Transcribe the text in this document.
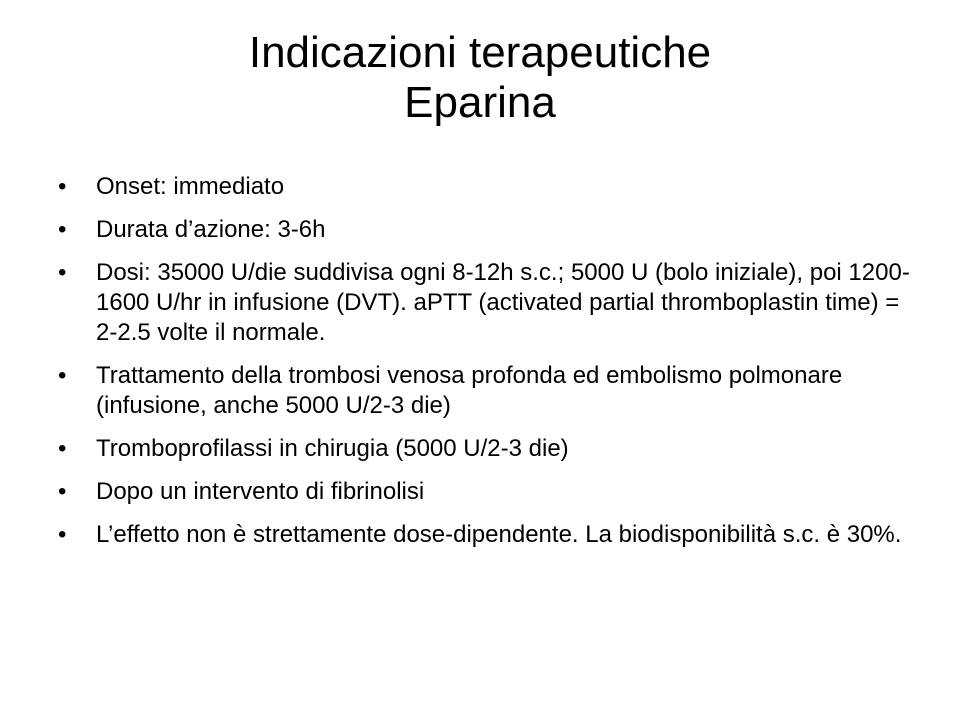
Indicazioni terapeutiche
Eparina
•	Onset: immediato
•	Durata d’azione: 3-6h
•	Dosi: 35000 U/die suddivisa ogni 8-12h s.c.; 5000 U (bolo iniziale), poi 1200-1600 U/hr in infusione (DVT). aPTT (activated partial thromboplastin time) = 2-2.5 volte il normale.
•	Trattamento della trombosi venosa profonda ed embolismo polmonare (infusione, anche 5000 U/2-3 die)
•	Tromboprofilassi in chirugia (5000 U/2-3 die)
•	Dopo un intervento di fibrinolisi
•	L’effetto non è strettamente dose-dipendente. La biodisponibilità s.c. è 30%.
